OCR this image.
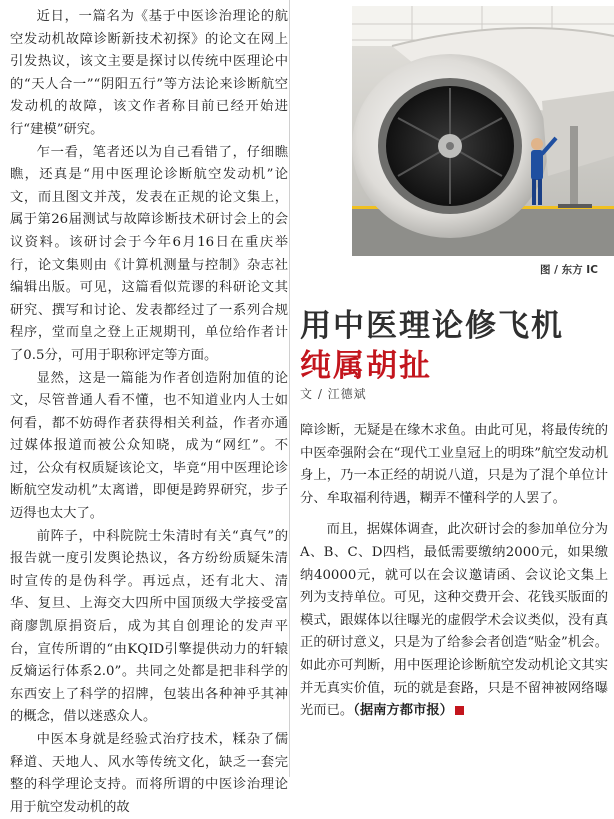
近日，一篇名为《基于中医诊治理论的航空发动机故障诊断新技术初探》的论文在网上引发热议，该文主要是探讨以传统中医理论中的“天人合一”“阴阳五行”等方法论来诊断航空发动机的故障，该文作者称目前已经开始进行“建模”研究。

乍一看，笔者还以为自己看错了，仔细瞧瞧，还真是“用中医理论诊断航空发动机”论文，而且图文并茂，发表在正规的论文集上，属于第26届测试与故障诊断技术研讨会上的会议资料。该研讨会于今年6月16日在重庆举行，论文集则由《计算机测量与控制》杂志社编辑出版。可见，这篇看似荒谬的科研论文其研究、撰写和讨论、发表都经过了一系列合规程序，堂而皇之登上正规期刊，单位给作者计了0.5分，可用于职称评定等方面。

显然，这是一篇能为作者创造附加值的论文，尽管普通人看不懂，也不知道业内人士如何看，都不妨碍作者获得相关利益，作者亦通过媒体报道而被公众知晓，成为“网红”。不过，公众有权质疑该论文，毕竟“用中医理论诊断航空发动机”太离谱，即便是跨界研究，步子迈得也太大了。

前阵子，中科院院士朱清时有关“真气”的报告就一度引发舆论热议，各方纷纷质疑朱清时宣传的是伪科学。再远点，还有北大、清华、复旦、上海交大四所中国顶级大学接受富商廖凯原捐资后，成为其自创理论的发声平台，宣传所谓的“由KQID引擎提供动力的轩辕反熵运行体系2.0”。共同之处都是把非科学的东西安上了科学的招牌，包装出各种神乎其神的概念，借以迷惑众人。

中医本身就是经验式治疗技术，糅杂了儒释道、天地人、风水等传统文化，缺乏一套完整的科学理论支持。而将所谓的中医诊治理论用于航空发动机的故

图 / 东方 IC
用中医理论修飞机
纯属胡扯
文 / 江德斌

障诊断，无疑是在缘木求鱼。由此可见，将最传统的中医牵强附会在“现代工业皇冠上的明珠”航空发动机身上，乃一本正经的胡说八道，只是为了混个单位计分、牟取福利待遇，糊弄不懂科学的人罢了。

而且，据媒体调查，此次研讨会的参加单位分为A、B、C、D四档，最低需要缴纳2000元，如果缴纳40000元，就可以在会议邀请函、会议论文集上列为支持单位。可见，这种交费开会、花钱买版面的模式，跟媒体以往曝光的虚假学术会议类似，没有真正的研讨意义，只是为了给参会者创造“贴金”机会。如此亦可判断，用中医理论诊断航空发动机论文其实并无真实价值，玩的就是套路，只是不留神被网络曝光而已。（据南方都市报）
